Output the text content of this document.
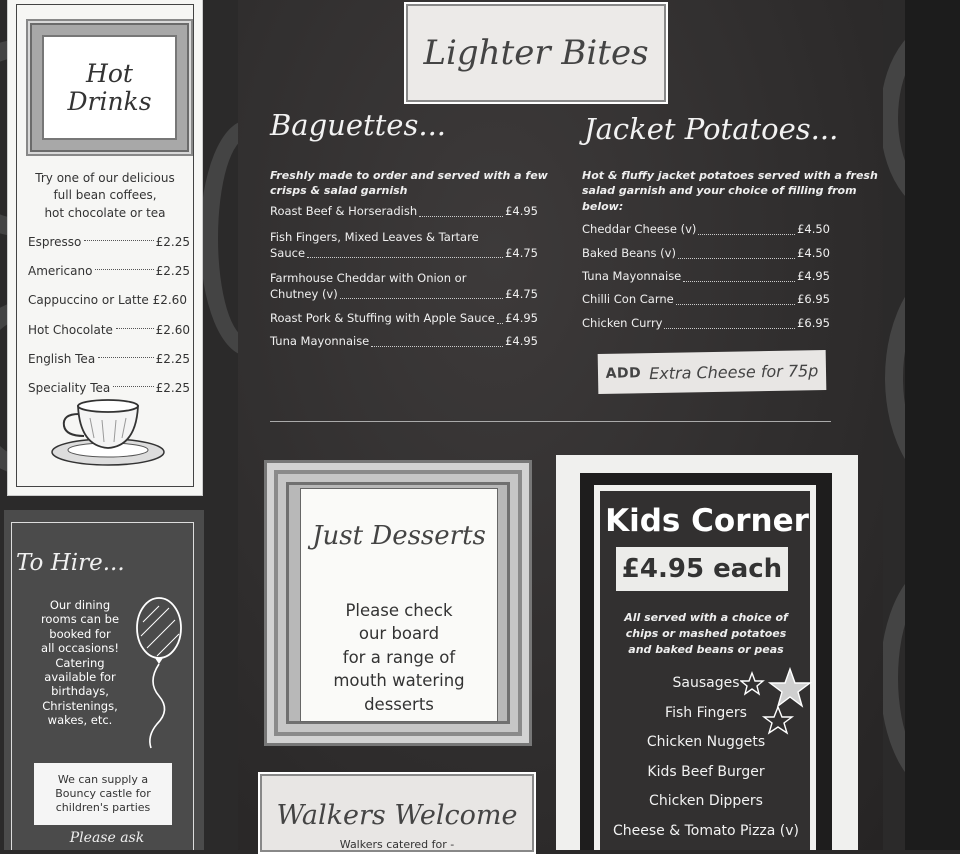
Hot
Drinks
Try one of our delicious
full bean coffees,
hot chocolate or tea
Espresso	£2.25
Americano	£2.25
Cappuccino or Latte £2.60
Hot Chocolate	£2.60
English Tea	£2.25
Speciality Tea	£2.25
To Hire...
Our dining
rooms can be
booked for
all occasions!
Catering
available for
birthdays,
Christenings,
wakes, etc.
We can supply a
Bouncy castle for
children's parties
Please ask
Lighter Bites
Baguettes...
Freshly made to order and served with a few
crisps & salad garnish
Roast Beef & Horseradish	£4.95
Fish Fingers, Mixed Leaves & Tartare
Sauce	£4.75
Farmhouse Cheddar with Onion or
Chutney (v)	£4.75
Roast Pork & Stuffing with Apple Sauce £4.95
Tuna Mayonnaise	£4.95
Jacket Potatoes...
Hot & fluffy jacket potatoes served with a fresh
salad garnish and your choice of filling from
below:
Cheddar Cheese (v)	£4.50
Baked Beans (v)	£4.50
Tuna Mayonnaise	£4.95
Chilli Con Carne	£6.95
Chicken Curry	£6.95
ADD Extra Cheese for 75p
Just Desserts
Please check
our board
for a range of
mouth watering
desserts
Kids Corner
£4.95 each
All served with a choice of
chips or mashed potatoes
and baked beans or peas
Sausages
Fish Fingers
Chicken Nuggets
Kids Beef Burger
Chicken Dippers
Cheese & Tomato Pizza (v)
Walkers Welcome
Walkers catered for -
